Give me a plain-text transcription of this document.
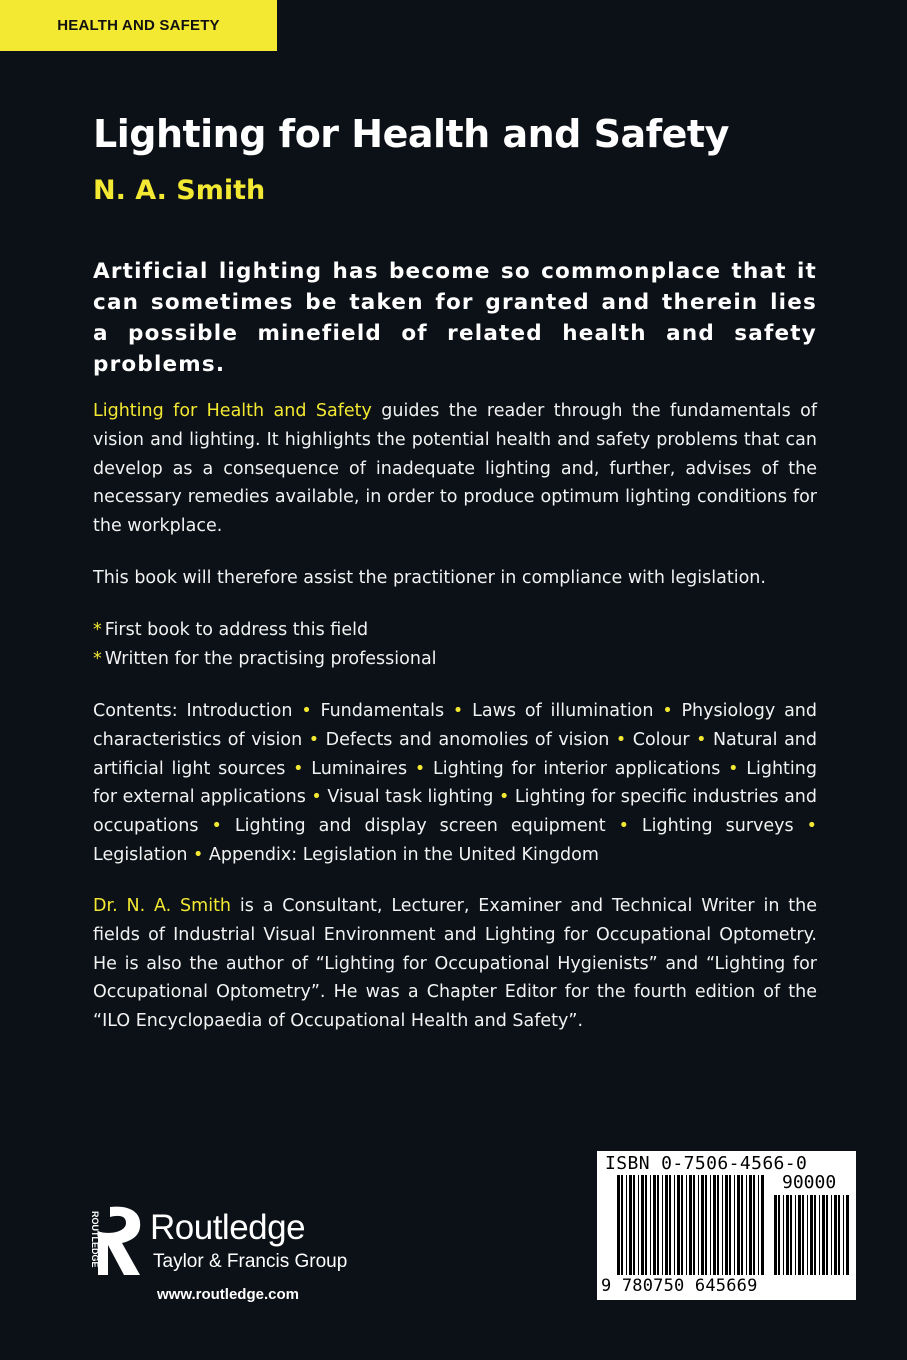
HEALTH AND SAFETY
Lighting for Health and Safety
N. A. Smith

Artificial lighting has become so commonplace that it can sometimes be taken for granted and therein lies a possible minefield of related health and safety problems.

Lighting for Health and Safety guides the reader through the fundamentals of vision and lighting. It highlights the potential health and safety problems that can develop as a consequence of inadequate lighting and, further, advises of the necessary remedies available, in order to produce optimum lighting conditions for the workplace.

This book will therefore assist the practitioner in compliance with legislation.

* First book to address this field
* Written for the practising professional

Contents: Introduction • Fundamentals • Laws of illumination • Physiology and characteristics of vision • Defects and anomolies of vision • Colour • Natural and artificial light sources • Luminaires • Lighting for interior applications • Lighting for external applications • Visual task lighting • Lighting for specific industries and occupations • Lighting and display screen equipment • Lighting surveys • Legislation • Appendix: Legislation in the United Kingdom

Dr. N. A. Smith is a Consultant, Lecturer, Examiner and Technical Writer in the fields of Industrial Visual Environment and Lighting for Occupational Optometry. He is also the author of “Lighting for Occupational Hygienists” and “Lighting for Occupational Optometry”. He was a Chapter Editor for the fourth edition of the “ILO Encyclopaedia of Occupational Health and Safety”.

ISBN 0-7506-4566-0
90000
9 780750 645669
ROUTLEDGE Routledge
Taylor & Francis Group
www.routledge.com
